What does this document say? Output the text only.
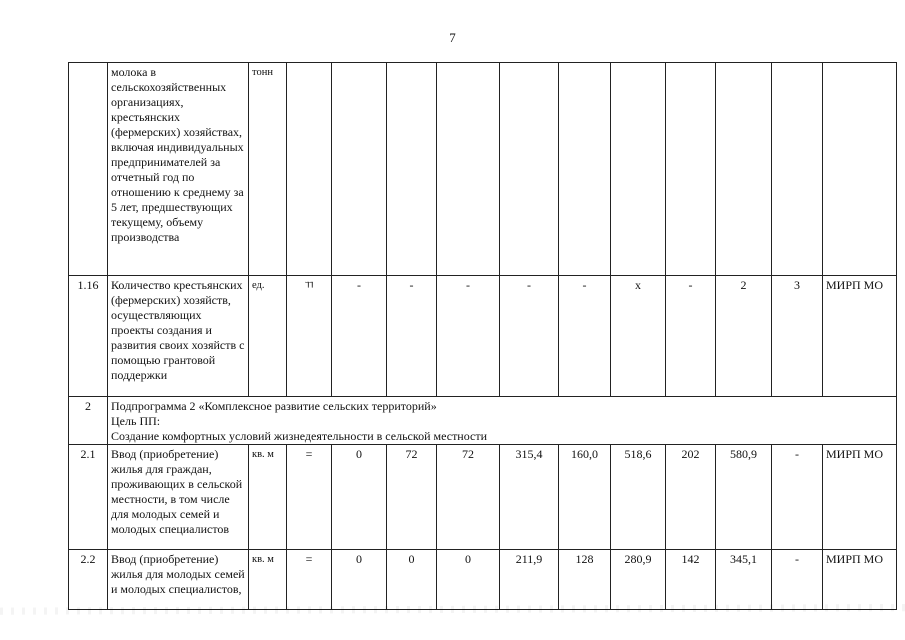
7
	молока в сельскохозяйственных организациях, крестьянских (фермерских) хозяйствах, включая индивидуальных предпринимателей за отчетный год по отношению к среднему за 5 лет, предшествующих текущему, объему производства	тонн											
1.16	Количество крестьянских (фермерских) хозяйств, осуществляющих проекты создания и развития своих хозяйств с помощью грантовой поддержки	ед.	ﾢ	-	-	-	-	-	х	-	2	3	МИРП МО
2	Подпрограмма 2 «Комплексное развитие сельских территорий»
Цель ПП:
Создание комфортных условий жизнедеятельности в сельской местности												

2.1	Ввод (приобретение) жилья для граждан, проживающих в сельской местности, в том числе для молодых семей и молодых специалистов	кв. м	=	0	72	72	315,4	160,0	518,6	202	580,9	-	МИРП МО
2.2	Ввод (приобретение) жилья для молодых семей и молодых специалистов,	кв. м	=	0	0	0	211,9	128	280,9	142	345,1	-	МИРП МО
